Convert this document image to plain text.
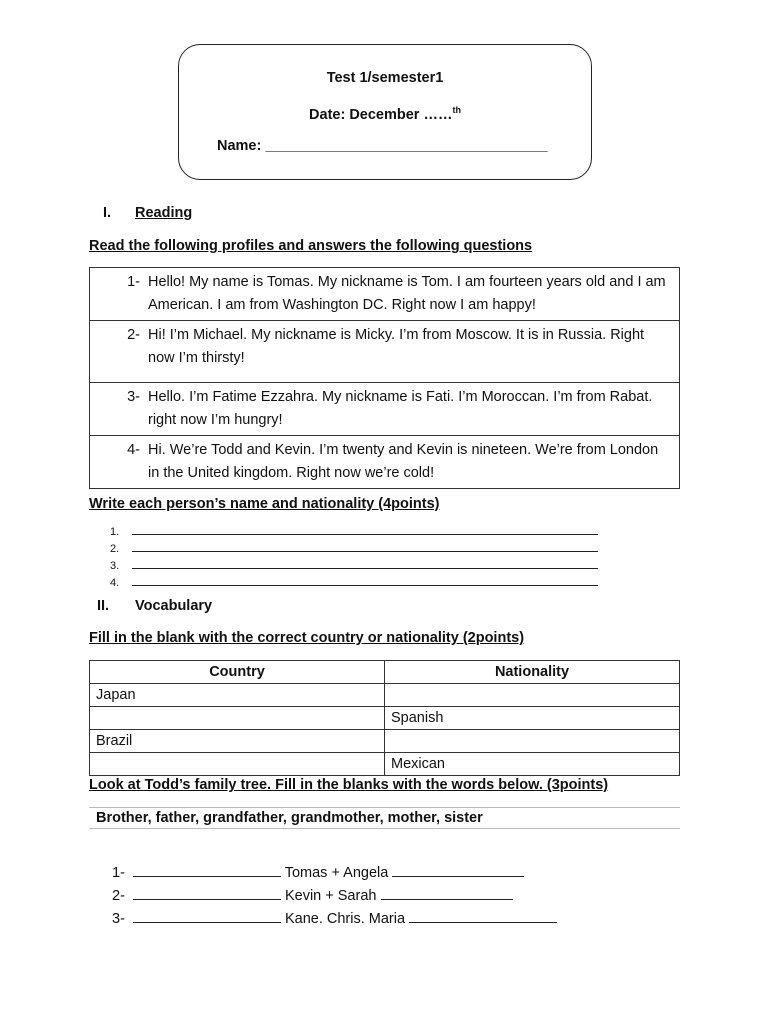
Test 1/semester1
Date: December ……$^{th}$
Name: ___________________________________
I. Reading
Read the following profiles and answers the following questions
1- Hello! My name is Tomas. My nickname is Tom. I am fourteen years old and I am American. I am from Washington DC. Right now I am happy!
2- Hi! I’m Michael. My nickname is Micky. I’m from Moscow. It is in Russia. Right now I’m thirsty!
3- Hello. I’m Fatime Ezzahra. My nickname is Fati. I’m Moroccan. I’m from Rabat. right now I’m hungry!
4- Hi. We’re Todd and Kevin. I’m twenty and Kevin is nineteen. We’re from London in the United kingdom. Right now we’re cold!
Write each person’s name and nationality (4points)
1.
2.
3.
4.
II. Vocabulary
Fill in the blank with the correct country or nationality (2points)
Country	Nationality
Japan	
	Spanish
Brazil	
	Mexican
Look at Todd’s family tree. Fill in the blanks with the words below. (3points)
Brother, father, grandfather, grandmother, mother, sister
1-	Tomas + Angela
2-	Kevin + Sarah
3-	Kane. Chris. Maria
